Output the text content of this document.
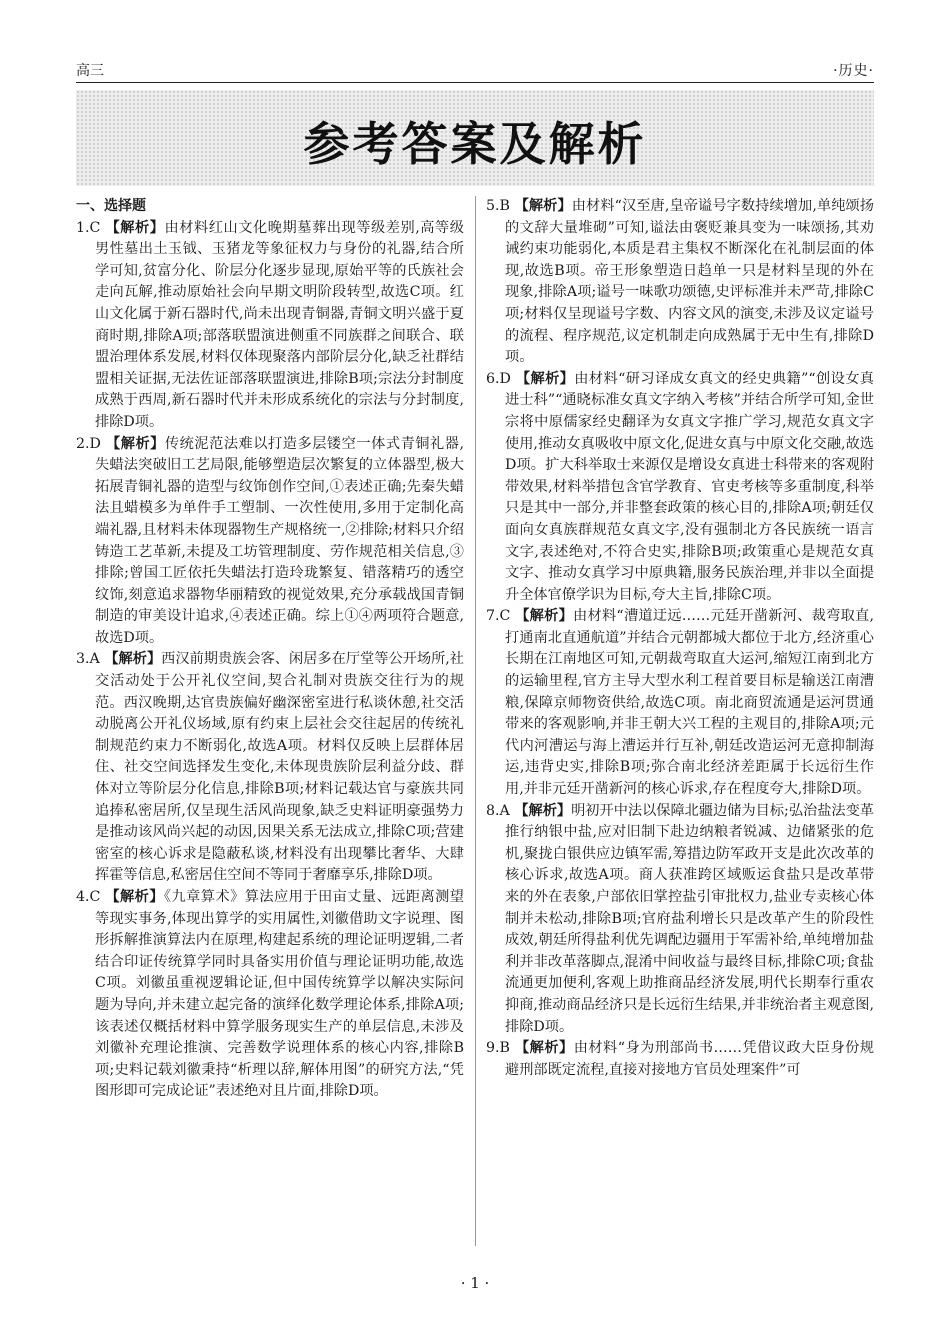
高三	·历史·
参考答案及解析
一、选择题
1.C 【解析】由材料红山文化晚期墓葬出现等级差别,高等级男性墓出土玉钺、玉猪龙等象征权力与身份的礼器,结合所学可知,贫富分化、阶层分化逐步显现,原始平等的氏族社会走向瓦解,推动原始社会向早期文明阶段转型,故选C项。红山文化属于新石器时代,尚未出现青铜器,青铜文明兴盛于夏商时期,排除A项;部落联盟演进侧重不同族群之间联合、联盟治理体系发展,材料仅体现聚落内部阶层分化,缺乏社群结盟相关证据,无法佐证部落联盟演进,排除B项;宗法分封制度成熟于西周,新石器时代并未形成系统化的宗法与分封制度,排除D项。
2.D 【解析】传统泥范法难以打造多层镂空一体式青铜礼器,失蜡法突破旧工艺局限,能够塑造层次繁复的立体器型,极大拓展青铜礼器的造型与纹饰创作空间,①表述正确;先秦失蜡法且蜡模多为单件手工塑制、一次性使用,多用于定制化高端礼器,且材料未体现器物生产规格统一,②排除;材料只介绍铸造工艺革新,未提及工坊管理制度、劳作规范相关信息,③排除;曾国工匠依托失蜡法打造玲珑繁复、错落精巧的透空纹饰,刻意追求器物华丽精致的视觉效果,充分承载战国青铜制造的审美设计追求,④表述正确。综上①④两项符合题意,故选D项。
3.A 【解析】西汉前期贵族会客、闲居多在厅堂等公开场所,社交活动处于公开礼仪空间,契合礼制对贵族交往行为的规范。西汉晚期,达官贵族偏好幽深密室进行私谈休憩,社交活动脱离公开礼仪场域,原有约束上层社会交往起居的传统礼制规范约束力不断弱化,故选A项。材料仅反映上层群体居住、社交空间选择发生变化,未体现贵族阶层利益分歧、群体对立等阶层分化信息,排除B项;材料记载达官与豪族共同追捧私密居所,仅呈现生活风尚现象,缺乏史料证明豪强势力是推动该风尚兴起的动因,因果关系无法成立,排除C项;营建密室的核心诉求是隐蔽私谈,材料没有出现攀比奢华、大肆挥霍等信息,私密居住空间不等同于奢靡享乐,排除D项。
4.C 【解析】《九章算术》算法应用于田亩丈量、远距离测望等现实事务,体现出算学的实用属性,刘徽借助文字说理、图形拆解推演算法内在原理,构建起系统的理论证明逻辑,二者结合印证传统算学同时具备实用价值与理论证明功能,故选C项。刘徽虽重视逻辑论证,但中国传统算学以解决实际问题为导向,并未建立起完备的演绎化数学理论体系,排除A项;该表述仅概括材料中算学服务现实生产的单层信息,未涉及刘徽补充理论推演、完善数学说理体系的核心内容,排除B项;史料记载刘徽秉持“析理以辞,解体用图”的研究方法,“凭图形即可完成论证”表述绝对且片面,排除D项。
5.B 【解析】由材料“汉至唐,皇帝谥号字数持续增加,单纯颂扬的文辞大量堆砌”可知,谥法由褒贬兼具变为一味颂扬,其劝诫约束功能弱化,本质是君主集权不断深化在礼制层面的体现,故选B项。帝王形象塑造日趋单一只是材料呈现的外在现象,排除A项;谥号一味歌功颂德,史评标准并未严苛,排除C项;材料仅呈现谥号字数、内容文风的演变,未涉及议定谥号的流程、程序规范,议定机制走向成熟属于无中生有,排除D项。
6.D 【解析】由材料“研习译成女真文的经史典籍”“创设女真进士科”“通晓标准女真文字纳入考核”并结合所学可知,金世宗将中原儒家经史翻译为女真文字推广学习,规范女真文字使用,推动女真吸收中原文化,促进女真与中原文化交融,故选D项。扩大科举取士来源仅是增设女真进士科带来的客观附带效果,材料举措包含官学教育、官吏考核等多重制度,科举只是其中一部分,并非整套政策的核心目的,排除A项;朝廷仅面向女真族群规范女真文字,没有强制北方各民族统一语言文字,表述绝对,不符合史实,排除B项;政策重心是规范女真文字、推动女真学习中原典籍,服务民族治理,并非以全面提升全体官僚学识为目标,夸大主旨,排除C项。
7.C 【解析】由材料“漕道迂远……元廷开凿新河、裁弯取直,打通南北直通航道”并结合元朝都城大都位于北方,经济重心长期在江南地区可知,元朝裁弯取直大运河,缩短江南到北方的运输里程,官方主导大型水利工程首要目标是输送江南漕粮,保障京师物资供给,故选C项。南北商贸流通是运河贯通带来的客观影响,并非王朝大兴工程的主观目的,排除A项;元代内河漕运与海上漕运并行互补,朝廷改造运河无意抑制海运,违背史实,排除B项;弥合南北经济差距属于长远衍生作用,并非元廷开凿新河的核心诉求,存在程度夸大,排除D项。
8.A 【解析】明初开中法以保障北疆边储为目标;弘治盐法变革推行纳银中盐,应对旧制下赴边纳粮者锐减、边储紧张的危机,聚拢白银供应边镇军需,筹措边防军政开支是此次改革的核心诉求,故选A项。商人获准跨区域贩运食盐只是改革带来的外在表象,户部依旧掌控盐引审批权力,盐业专卖核心体制并未松动,排除B项;官府盐利增长只是改革产生的阶段性成效,朝廷所得盐利优先调配边疆用于军需补给,单纯增加盐利并非改革落脚点,混淆中间收益与最终目标,排除C项;食盐流通更加便利,客观上助推商品经济发展,明代长期奉行重农抑商,推动商品经济只是长远衍生结果,并非统治者主观意图,排除D项。
9.B 【解析】由材料“身为刑部尚书……凭借议政大臣身份规避刑部既定流程,直接对接地方官员处理案件”可
· 1 ·
